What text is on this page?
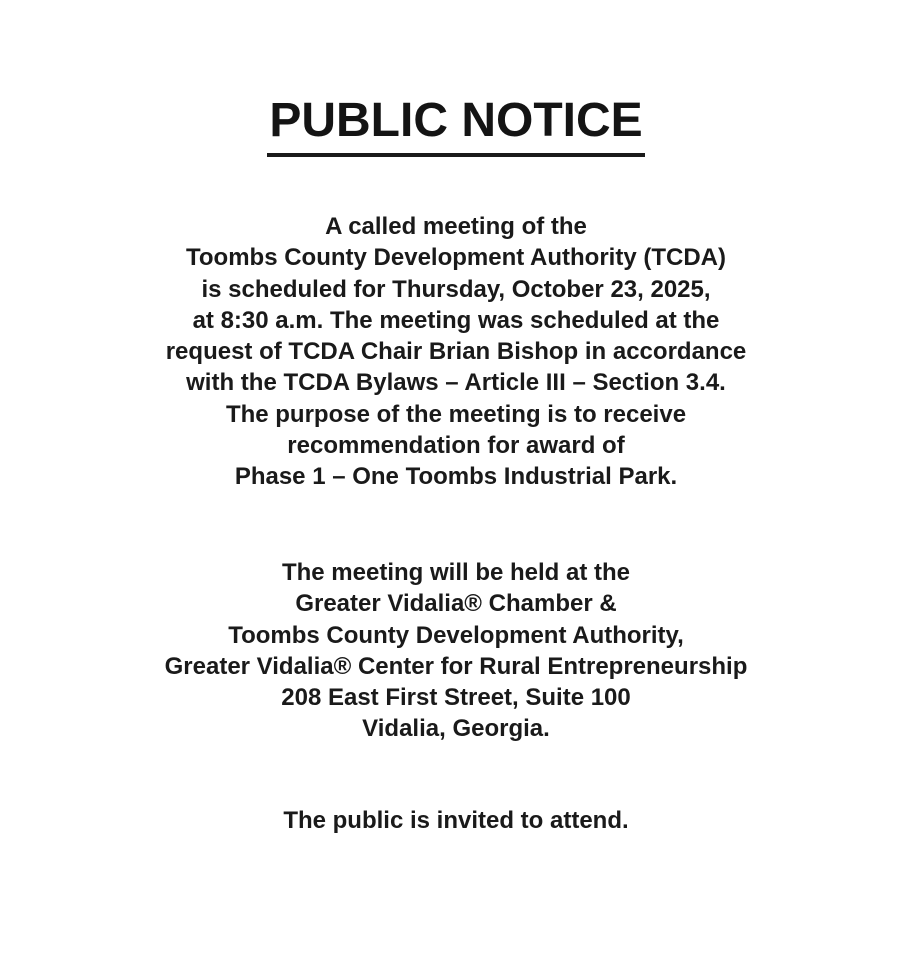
PUBLIC NOTICE
A called meeting of the
Toombs County Development Authority (TCDA)
is scheduled for Thursday, October 23, 2025,
at 8:30 a.m. The meeting was scheduled at the
request of TCDA Chair Brian Bishop in accordance
with the TCDA Bylaws – Article III – Section 3.4.
The purpose of the meeting is to receive
recommendation for award of
Phase 1 – One Toombs Industrial Park.
The meeting will be held at the
Greater Vidalia® Chamber &
Toombs County Development Authority,
Greater Vidalia® Center for Rural Entrepreneurship
208 East First Street, Suite 100
Vidalia, Georgia.
The public is invited to attend.
